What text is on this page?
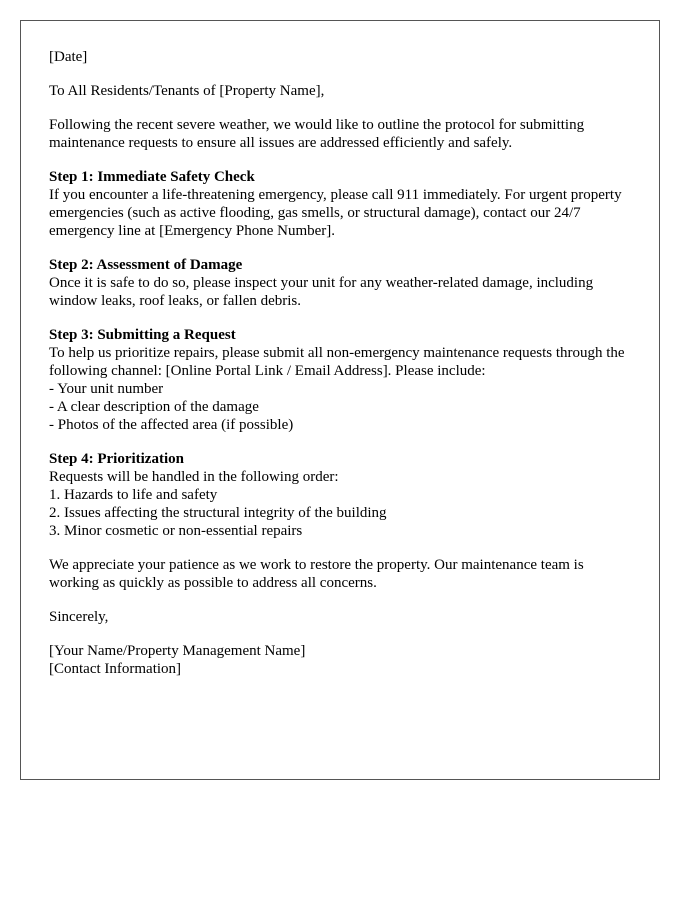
[Date]
To All Residents/Tenants of [Property Name],
Following the recent severe weather, we would like to outline the protocol for submitting maintenance requests to ensure all issues are addressed efficiently and safely.
Step 1: Immediate Safety Check
If you encounter a life-threatening emergency, please call 911 immediately. For urgent property emergencies (such as active flooding, gas smells, or structural damage), contact our 24/7 emergency line at [Emergency Phone Number].
Step 2: Assessment of Damage
Once it is safe to do so, please inspect your unit for any weather-related damage, including window leaks, roof leaks, or fallen debris.
Step 3: Submitting a Request
To help us prioritize repairs, please submit all non-emergency maintenance requests through the following channel: [Online Portal Link / Email Address]. Please include:
- Your unit number
- A clear description of the damage
- Photos of the affected area (if possible)
Step 4: Prioritization
Requests will be handled in the following order:
1. Hazards to life and safety
2. Issues affecting the structural integrity of the building
3. Minor cosmetic or non-essential repairs
We appreciate your patience as we work to restore the property. Our maintenance team is working as quickly as possible to address all concerns.
Sincerely,
[Your Name/Property Management Name]
[Contact Information]
